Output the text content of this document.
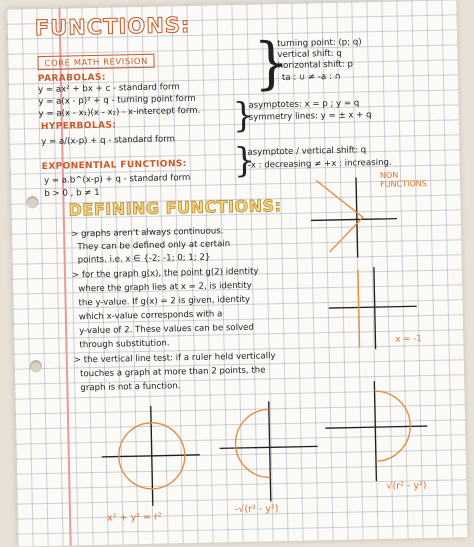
FUNCTIONS:
CORE MATH REVISION
PARABOLAS:
y = ax² + bx + c - standard form
y = a(x - p)² + q - turning point form
y = a(x - x₁)(x - x₂) - x-intercept form.
}
turning point: (p; q)
vertical shift: q
horizontal shift: p
ta : ∪ ≠ -a : ∩
HYPERBOLAS:
y = a/(x-p) + q - standard form
}
asymptotes: x = p ; y = q
symmetry lines: y = ± x + q
EXPONENTIAL FUNCTIONS:
y = a.b^(x-p) + q - standard form
b > 0 , b ≠ 1
}
asymptote / vertical shift: q
-x : decreasing ≠ +x : increasing.
DEFINING FUNCTIONS:
> graphs aren't always continuous.
They can be defined only at certain
points. i.e. x ∈ {-2; -1; 0; 1; 2}
> for the graph g(x), the point g(2) identity
where the graph lies at x = 2, is identity
the y-value. If g(x) = 2 is given, identity
which x-value corresponds with a
y-value of 2. These values can be solved
through substitution.
> the vertical line test: if a ruler held vertically
touches a graph at more than 2 points, the
graph is not a function.
NON FUNCTIONS
x = -1
x² + y² = r²
-√(r² - y²)
√(r² - y²)
